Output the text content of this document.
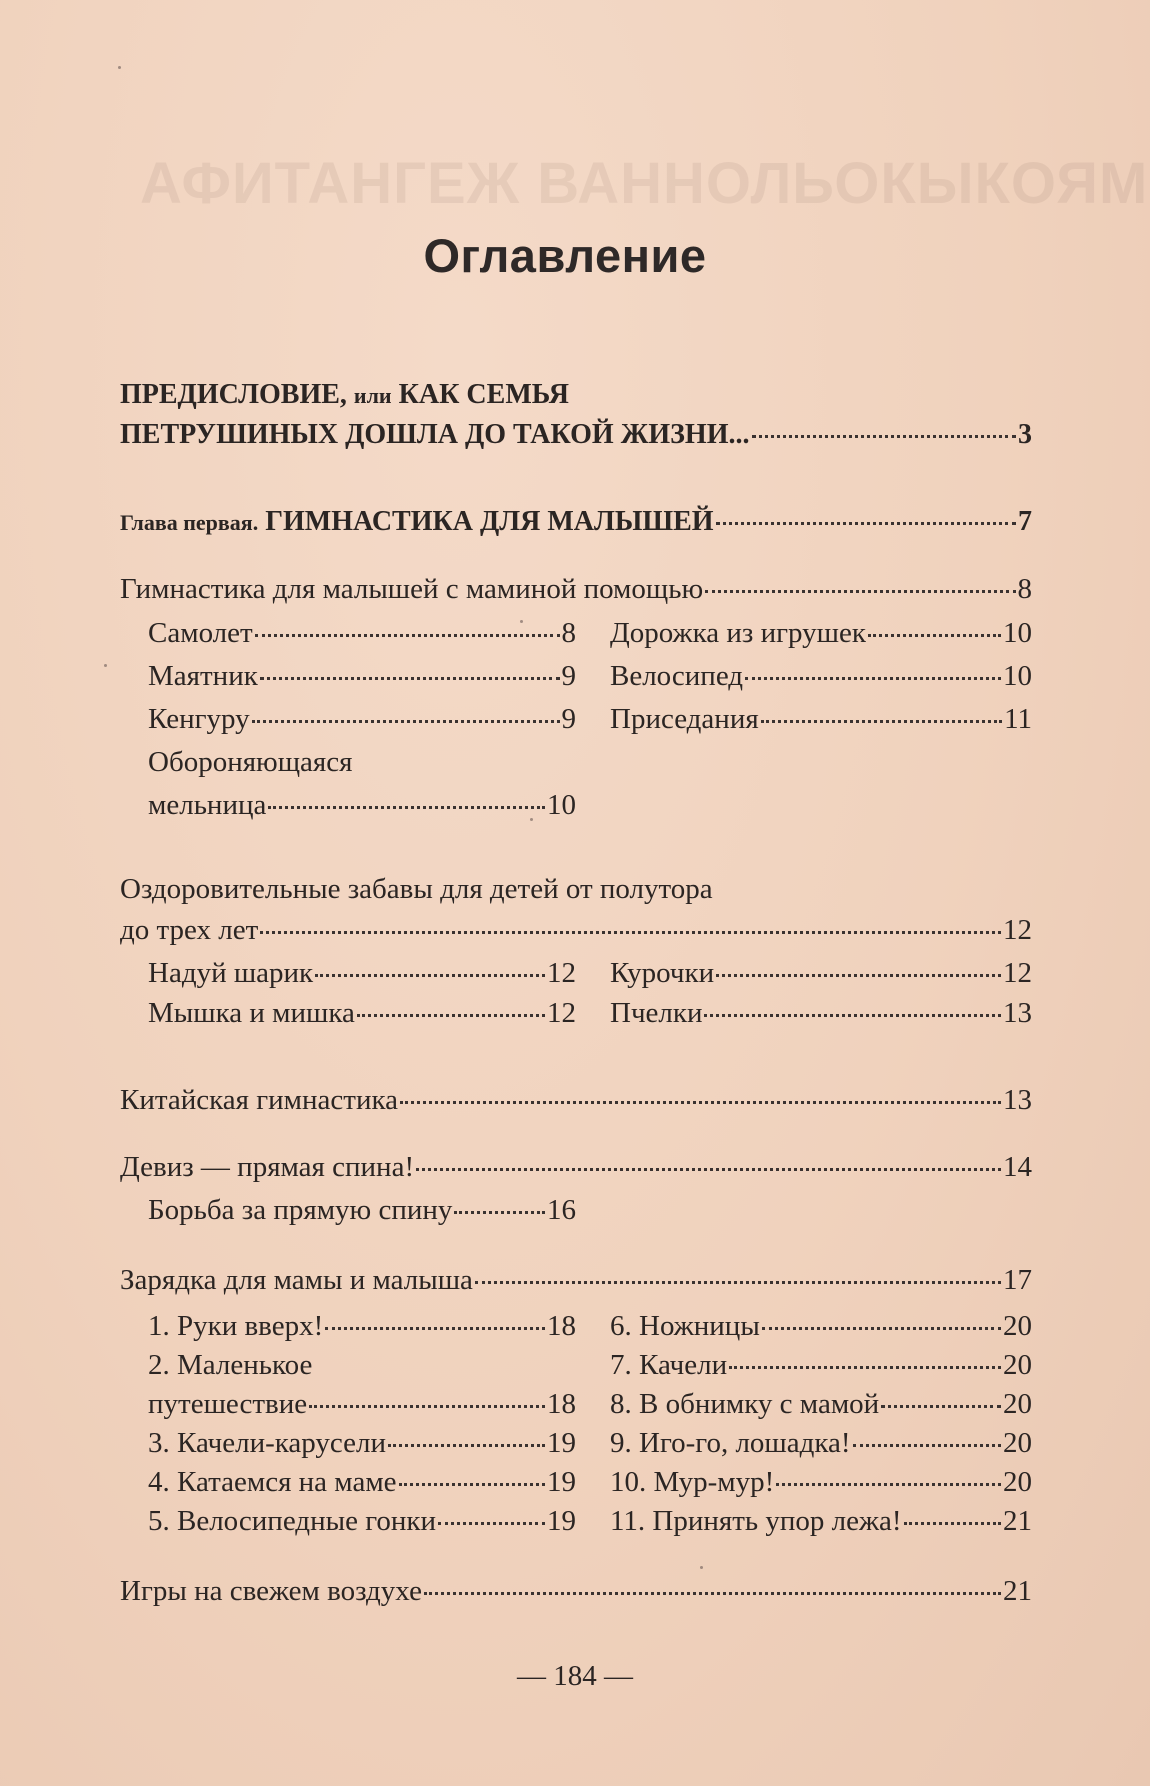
АФИТАНГЕЖ ВАННОЛЬОКЫКОЯМ
Оглавление
ПРЕДИСЛОВИЕ, или КАК СЕМЬЯ
ПЕТРУШИНЫХ ДОШЛА ДО ТАКОЙ ЖИЗНИ...	3
Глава первая. ГИМНАСТИКА ДЛЯ МАЛЫШЕЙ	7
Гимнастика для малышей с маминой помощью	8
Самолет	8
Маятник	9
Кенгуру	9
Обороняющаяся
мельница	10
Дорожка из игрушек	10
Велосипед	10
Приседания	11
Оздоровительные забавы для детей от полутора
до трех лет	12
Надуй шарик	12
Мышка и мишка	12
Курочки	12
Пчелки	13
Китайская гимнастика	13
Девиз — прямая спина!	14
Борьба за прямую спину	16
Зарядка для мамы и малыша	17
1. Руки вверх!	18
2. Маленькое
путешествие	18
3. Качели-карусели	19
4. Катаемся на маме	19
5. Велосипедные гонки	19
6. Ножницы	20
7. Качели	20
8. В обнимку с мамой	20
9. Иго-го, лошадка!	20
10. Мур-мур!	20
11. Принять упор лежа!	21
Игры на свежем воздухе	21
— 184 —
